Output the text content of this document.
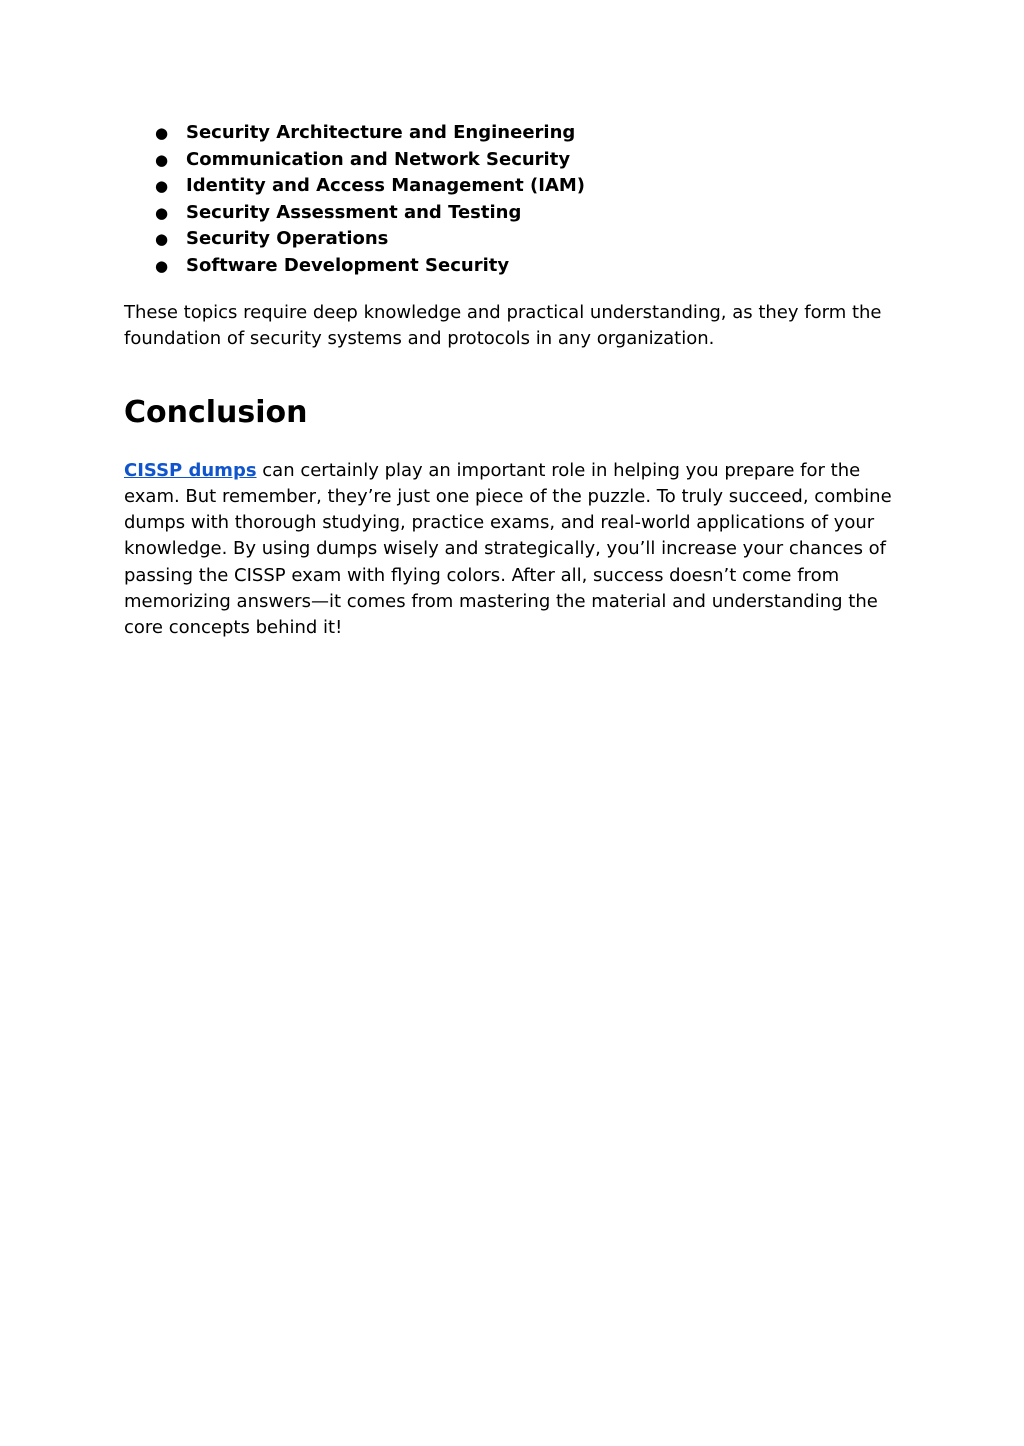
● Security Architecture and Engineering
● Communication and Network Security
● Identity and Access Management (IAM)
● Security Assessment and Testing
● Security Operations
● Software Development Security

These topics require deep knowledge and practical understanding, as they form the foundation of security systems and protocols in any organization.

Conclusion

CISSP dumps can certainly play an important role in helping you prepare for the exam. But remember, they’re just one piece of the puzzle. To truly succeed, combine dumps with thorough studying, practice exams, and real-world applications of your knowledge. By using dumps wisely and strategically, you’ll increase your chances of passing the CISSP exam with flying colors. After all, success doesn’t come from memorizing answers—it comes from mastering the material and understanding the core concepts behind it!
